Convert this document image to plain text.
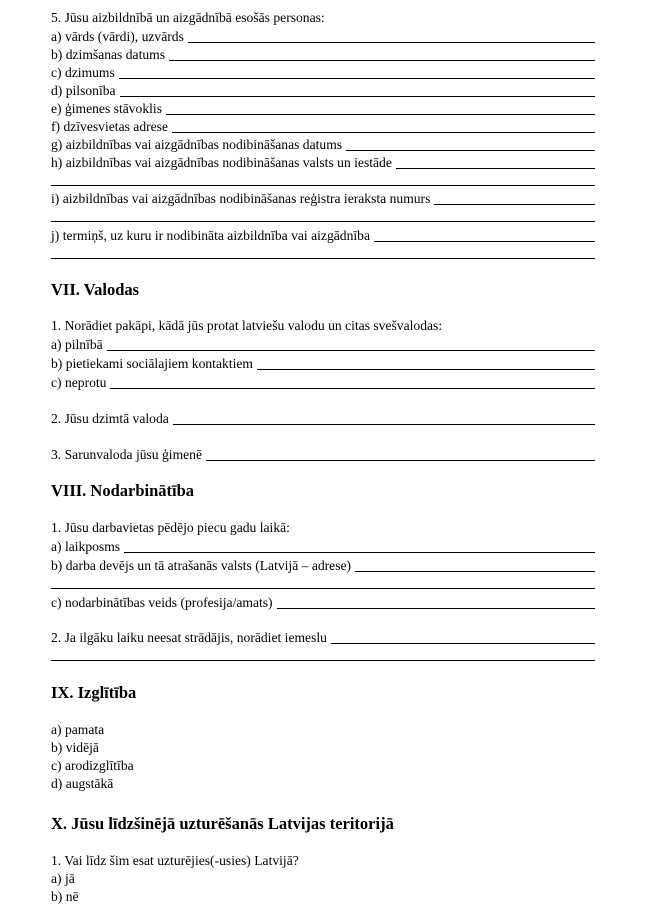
5. Jūsu aizbildnībā un aizgādnībā esošās personas:
a) vārds (vārdi), uzvārds
b) dzimšanas datums
c) dzimums
d) pilsonība
e) ģimenes stāvoklis
f) dzīvesvietas adrese
g) aizbildnības vai aizgādnības nodibināšanas datums
h) aizbildnības vai aizgādnības nodibināšanas valsts un iestāde
i) aizbildnības vai aizgādnības nodibināšanas reģistra ieraksta numurs
j) termiņš, uz kuru ir nodibināta aizbildnība vai aizgādnība
VII. Valodas
1. Norādiet pakāpi, kādā jūs protat latviešu valodu un citas svešvalodas:
a) pilnībā
b) pietiekami sociālajiem kontaktiem
c) neprotu
2. Jūsu dzimtā valoda
3. Sarunvaloda jūsu ģimenē
VIII. Nodarbinātība
1. Jūsu darbavietas pēdējo piecu gadu laikā:
a) laikposms
b) darba devējs un tā atrašanās valsts (Latvijā – adrese)
c) nodarbinātības veids (profesija/amats)
2. Ja ilgāku laiku neesat strādājis, norādiet iemeslu
IX. Izglītība
a) pamata
b) vidējā
c) arodizglītība
d) augstākā
X. Jūsu līdzšinējā uzturēšanās Latvijas teritorijā
1. Vai līdz šim esat uzturējies(-usies) Latvijā?
a) jā
b) nē
